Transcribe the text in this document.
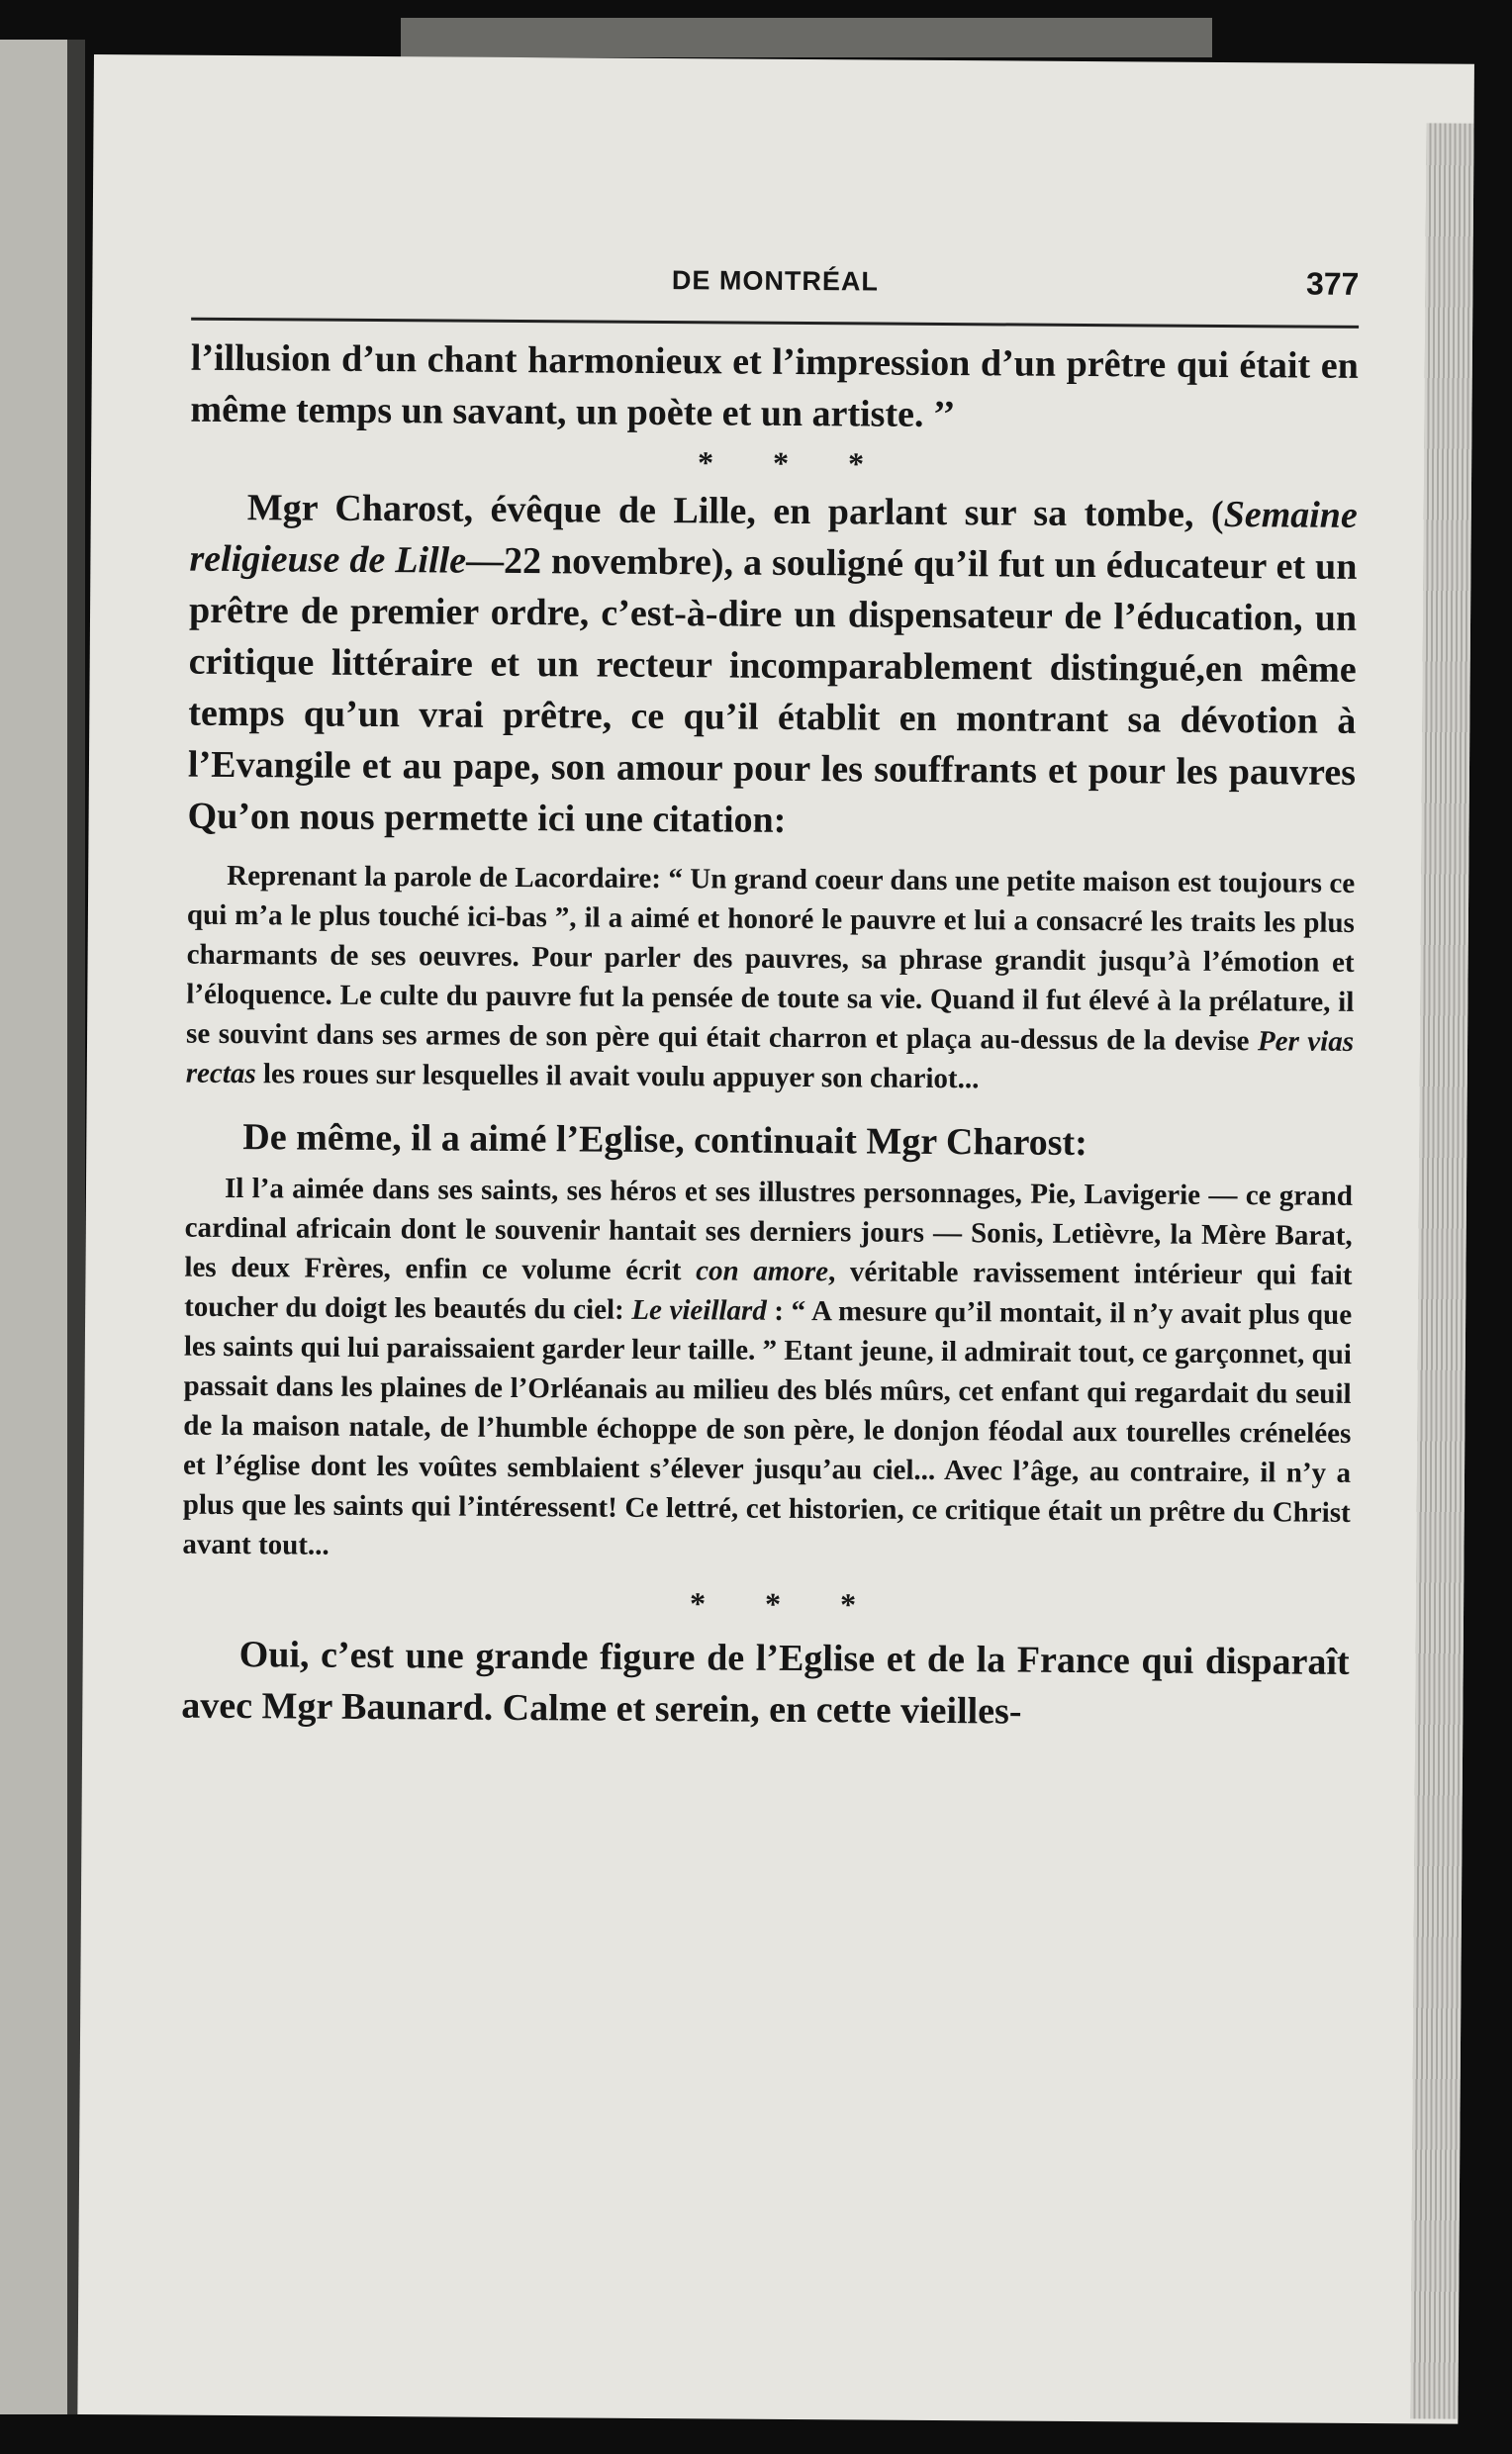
DE MONTRÉAL	377

l’illusion d’un chant harmonieux et l’impression d’un prêtre qui était en même temps un savant, un poète et un artiste. ’’

* * *

Mgr Charost, évêque de Lille, en parlant sur sa tombe, (Semaine religieuse de Lille—22 novembre), a souligné qu’il fut un éducateur et un prêtre de premier ordre, c’est-à-dire un dispensateur de l’éducation, un critique littéraire et un recteur incomparablement distingué,en même temps qu’un vrai prêtre, ce qu’il établit en montrant sa dévotion à l’Evangile et au pape, son amour pour les souffrants et pour les pauvres Qu’on nous permette ici une citation:

Reprenant la parole de Lacordaire: “ Un grand coeur dans une petite maison est toujours ce qui m’a le plus touché ici-bas ”, il a aimé et honoré le pauvre et lui a consacré les traits les plus charmants de ses oeuvres. Pour parler des pauvres, sa phrase grandit jusqu’à l’émotion et l’éloquence. Le culte du pauvre fut la pensée de toute sa vie. Quand il fut élevé à la prélature, il se souvint dans ses armes de son père qui était charron et plaça au-dessus de la devise Per vias rectas les roues sur lesquelles il avait voulu appuyer son chariot...

De même, il a aimé l’Eglise, continuait Mgr Charost:

Il l’a aimée dans ses saints, ses héros et ses illustres personnages, Pie, Lavigerie — ce grand cardinal africain dont le souvenir hantait ses derniers jours — Sonis, Letièvre, la Mère Barat, les deux Frères, enfin ce volume écrit con amore, véritable ravissement intérieur qui fait toucher du doigt les beautés du ciel: Le vieillard : “ A mesure qu’il montait, il n’y avait plus que les saints qui lui paraissaient garder leur taille. ” Etant jeune, il admirait tout, ce garçonnet, qui passait dans les plaines de l’Orléanais au milieu des blés mûrs, cet enfant qui regardait du seuil de la maison natale, de l’humble échoppe de son père, le donjon féodal aux tourelles crénelées et l’église dont les voûtes semblaient s’élever jusqu’au ciel... Avec l’âge, au contraire, il n’y a plus que les saints qui l’intéressent! Ce lettré, cet historien, ce critique était un prêtre du Christ avant tout...

* * *

Oui, c’est une grande figure de l’Eglise et de la France qui disparaît avec Mgr Baunard. Calme et serein, en cette vieilles-
